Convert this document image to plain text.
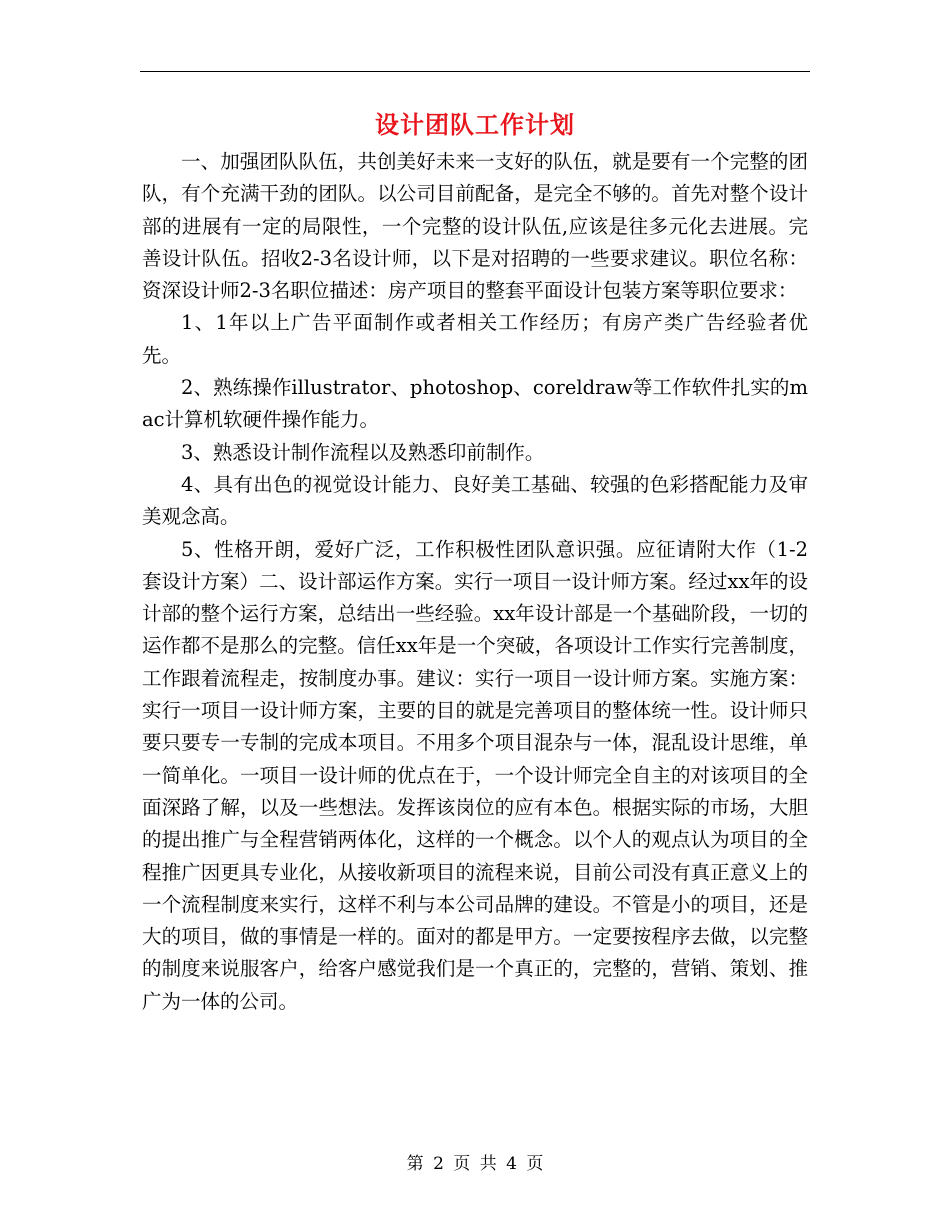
设计团队工作计划

一、加强团队队伍，共创美好未来一支好的队伍，就是要有一个完整的团队，有个充满干劲的团队。以公司目前配备，是完全不够的。首先对整个设计部的进展有一定的局限性，一个完整的设计队伍,应该是往多元化去进展。完善设计队伍。招收2-3名设计师，以下是对招聘的一些要求建议。职位名称：资深设计师2-3名职位描述：房产项目的整套平面设计包装方案等职位要求：

1、1年以上广告平面制作或者相关工作经历；有房产类广告经验者优先。

2、熟练操作illustrator、photoshop、coreldraw等工作软件扎实的mac计算机软硬件操作能力。

3、熟悉设计制作流程以及熟悉印前制作。

4、具有出色的视觉设计能力、良好美工基础、较强的色彩搭配能力及审美观念高。

5、性格开朗，爱好广泛，工作积极性团队意识强。应征请附大作（1-2套设计方案）二、设计部运作方案。实行一项目一设计师方案。经过xx年的设计部的整个运行方案，总结出一些经验。xx年设计部是一个基础阶段，一切的运作都不是那么的完整。信任xx年是一个突破，各项设计工作实行完善制度，工作跟着流程走，按制度办事。建议：实行一项目一设计师方案。实施方案：实行一项目一设计师方案，主要的目的就是完善项目的整体统一性。设计师只要只要专一专制的完成本项目。不用多个项目混杂与一体，混乱设计思维，单一简单化。一项目一设计师的优点在于，一个设计师完全自主的对该项目的全面深路了解，以及一些想法。发挥该岗位的应有本色。根据实际的市场，大胆的提出推广与全程营销两体化，这样的一个概念。以个人的观点认为项目的全程推广因更具专业化，从接收新项目的流程来说，目前公司没有真正意义上的一个流程制度来实行，这样不利与本公司品牌的建设。不管是小的项目，还是大的项目，做的事情是一样的。面对的都是甲方。一定要按程序去做，以完整的制度来说服客户，给客户感觉我们是一个真正的，完整的，营销、策划、推广为一体的公司。

第 2 页 共 4 页
